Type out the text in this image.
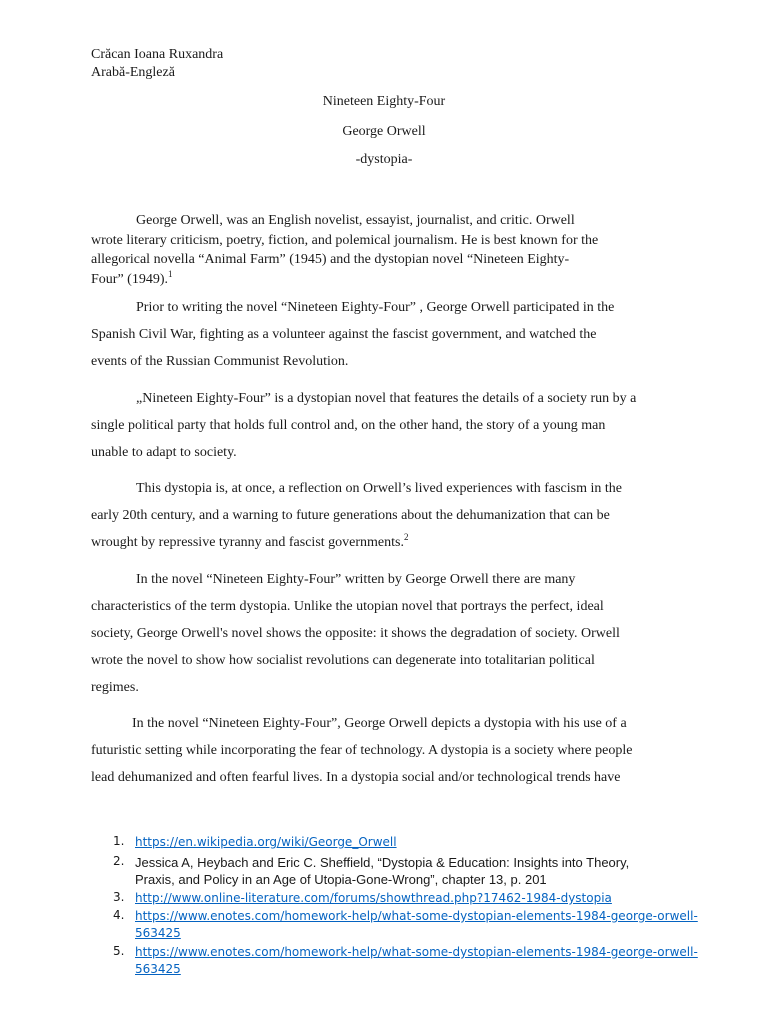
Crăcan Ioana Ruxandra
Arabă-Engleză
Nineteen Eighty-Four
George Orwell
-dystopia-
George Orwell, was an English novelist, essayist, journalist, and critic. Orwell
wrote literary criticism, poetry, fiction, and polemical journalism. He is best known for the
allegorical novella “Animal Farm” (1945) and the dystopian novel “Nineteen Eighty-
Four” (1949).$^1$
Prior to writing the novel “Nineteen Eighty-Four” , George Orwell participated in the
Spanish Civil War, fighting as a volunteer against the fascist government, and watched the
events of the Russian Communist Revolution.
„Nineteen Eighty-Four” is a dystopian novel that features the details of a society run by a
single political party that holds full control and, on the other hand, the story of a young man
unable to adapt to society.
This dystopia is, at once, a reflection on Orwell’s lived experiences with fascism in the
early 20th century, and a warning to future generations about the dehumanization that can be
wrought by repressive tyranny and fascist governments.$^2$
In the novel “Nineteen Eighty-Four” written by George Orwell there are many
characteristics of the term dystopia. Unlike the utopian novel that portrays the perfect, ideal
society, George Orwell's novel shows the opposite: it shows the degradation of society. Orwell
wrote the novel to show how socialist revolutions can degenerate into totalitarian political
regimes.
In the novel “Nineteen Eighty-Four”, George Orwell depicts a dystopia with his use of a
futuristic setting while incorporating the fear of technology. A dystopia is a society where people
lead dehumanized and often fearful lives. In a dystopia social and/or technological trends have
1. https://en.wikipedia.org/wiki/George_Orwell
2. Jessica A, Heybach and Eric C. Sheffield, “Dystopia & Education: Insights into Theory,
Praxis, and Policy in an Age of Utopia-Gone-Wrong”, chapter 13, p. 201
3. http://www.online-literature.com/forums/showthread.php?17462-1984-dystopia
4. https://www.enotes.com/homework-help/what-some-dystopian-elements-1984-george-orwell-
563425
5. https://www.enotes.com/homework-help/what-some-dystopian-elements-1984-george-orwell-
563425
